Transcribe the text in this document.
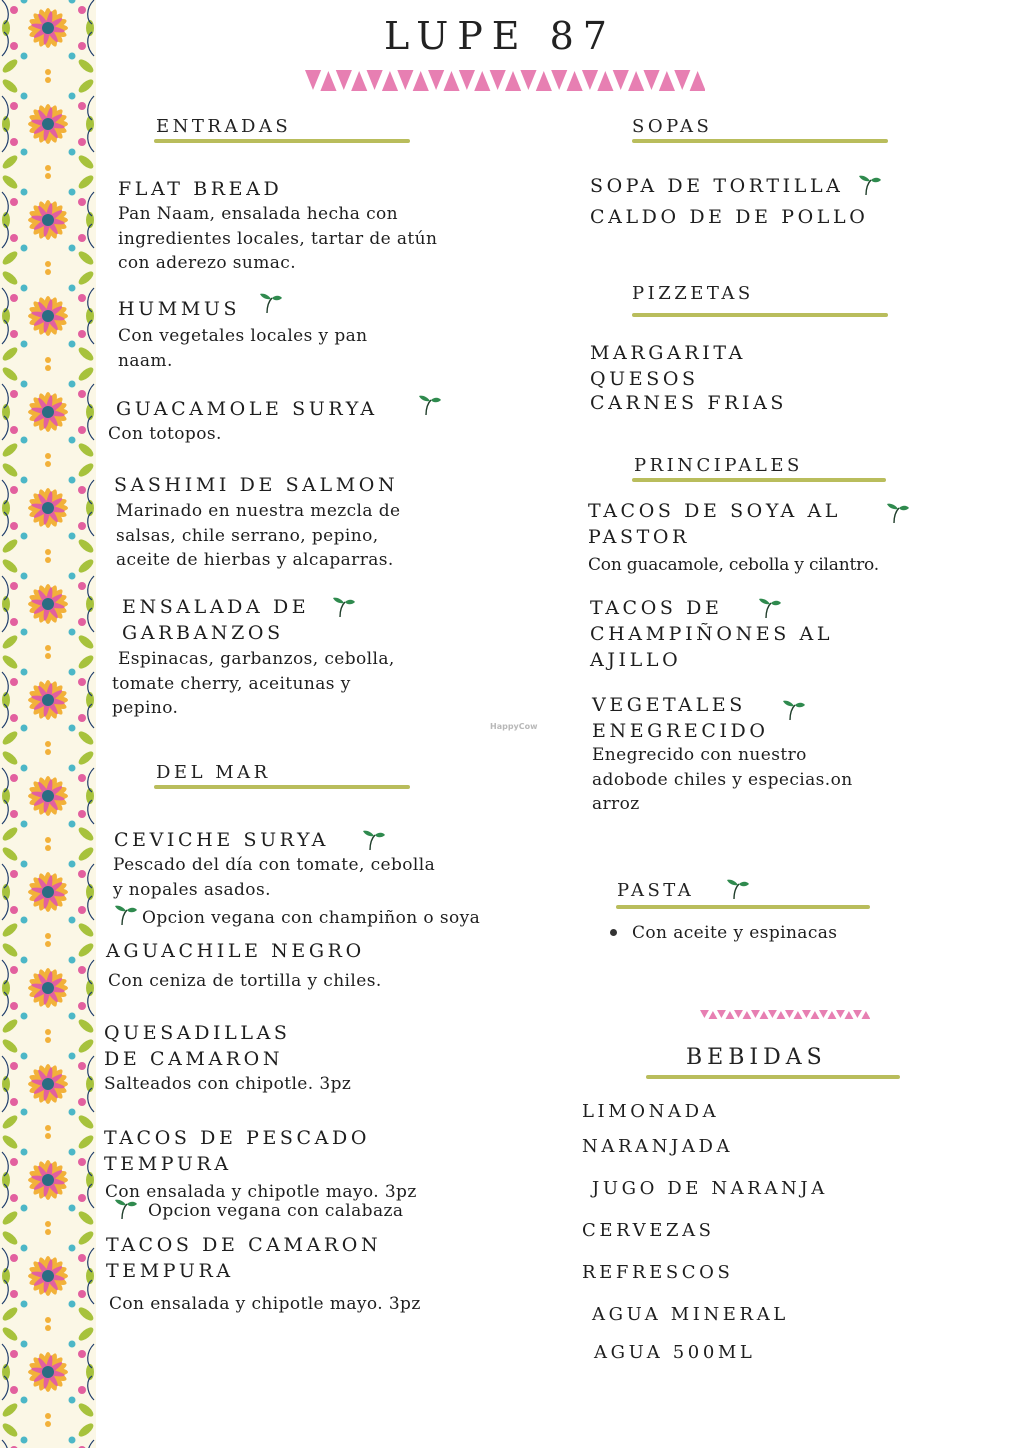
LUPE 87
ENTRADAS
FLAT BREAD
Pan Naam, ensalada hecha con
ingredientes locales, tartar de atún
con aderezo sumac.
HUMMUS
Con vegetales locales y pan
naam.
GUACAMOLE SURYA
Con totopos.
SASHIMI DE SALMON
Marinado en nuestra mezcla de
salsas, chile serrano, pepino,
aceite de hierbas y alcaparras.
ENSALADA DE
GARBANZOS
Espinacas, garbanzos, cebolla,
tomate cherry, aceitunas y
pepino.
HappyCow
DEL MAR
CEVICHE SURYA
Pescado del día con tomate, cebolla
y nopales asados.
Opcion vegana con champiñon o soya
AGUACHILE NEGRO
Con ceniza de tortilla y chiles.
QUESADILLAS
DE CAMARON
Salteados con chipotle. 3pz
TACOS DE PESCADO
TEMPURA
Con ensalada y chipotle mayo. 3pz
Opcion vegana con calabaza
TACOS DE CAMARON
TEMPURA
Con ensalada y chipotle mayo. 3pz
SOPAS
SOPA DE TORTILLA
CALDO DE DE POLLO
PIZZETAS
MARGARITA
QUESOS
CARNES FRIAS
PRINCIPALES
TACOS DE SOYA AL
PASTOR
Con guacamole, cebolla y cilantro.
TACOS DE
CHAMPIÑONES AL
AJILLO
VEGETALES
ENEGRECIDO
Enegrecido con nuestro
adobode chiles y especias.on
arroz
PASTA
Con aceite y espinacas
BEBIDAS
LIMONADA
NARANJADA
JUGO DE NARANJA
CERVEZAS
REFRESCOS
AGUA MINERAL
AGUA 500ML
